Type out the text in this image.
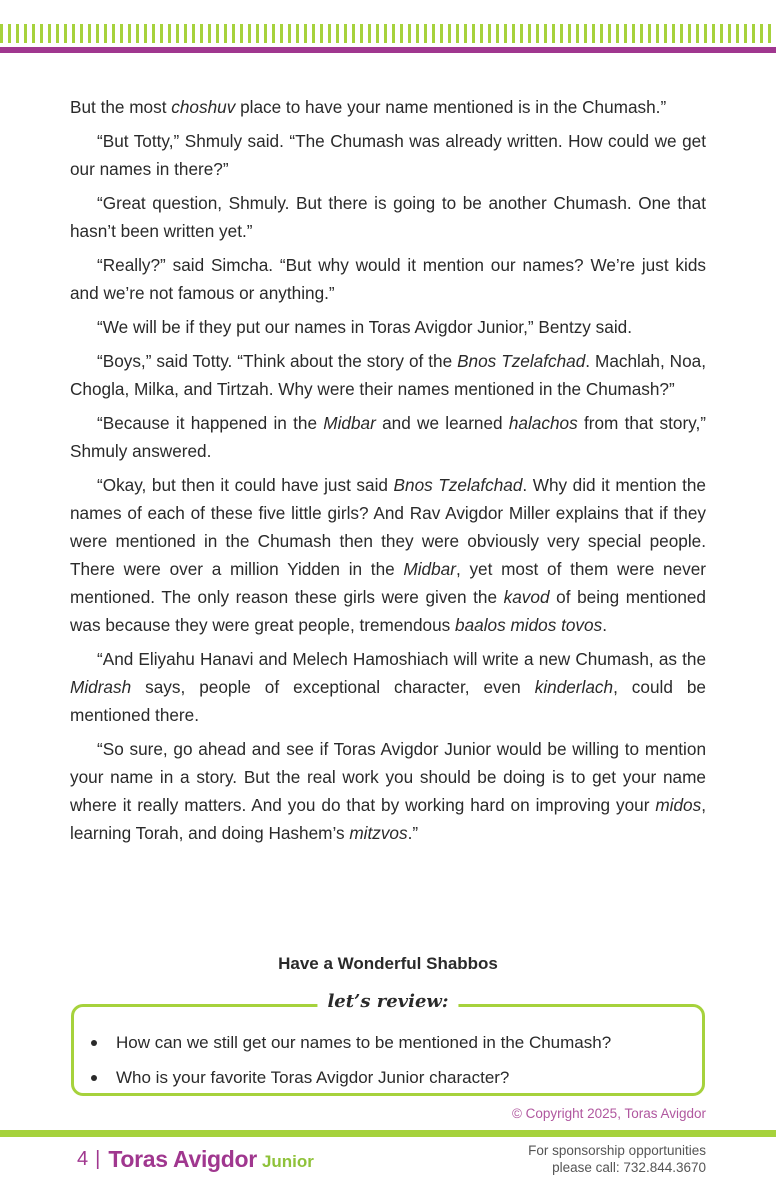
But the most choshuv place to have your name mentioned is in the Chumash.”

“But Totty,” Shmuly said. “The Chumash was already written. How could we get our names in there?”

“Great question, Shmuly. But there is going to be another Chumash. One that hasn’t been written yet.”

“Really?” said Simcha. “But why would it mention our names? We’re just kids and we’re not famous or anything.”

“We will be if they put our names in Toras Avigdor Junior,” Bentzy said.

“Boys,” said Totty. “Think about the story of the Bnos Tzelafchad. Machlah, Noa, Chogla, Milka, and Tirtzah. Why were their names mentioned in the Chumash?”

“Because it happened in the Midbar and we learned halachos from that story,” Shmuly answered.

“Okay, but then it could have just said Bnos Tzelafchad. Why did it mention the names of each of these five little girls? And Rav Avigdor Miller explains that if they were mentioned in the Chumash then they were obviously very special people. There were over a million Yidden in the Midbar, yet most of them were never mentioned. The only reason these girls were given the kavod of being mentioned was because they were great people, tremendous baalos midos tovos.

“And Eliyahu Hanavi and Melech Hamoshiach will write a new Chumash, as the Midrash says, people of exceptional character, even kinderlach, could be mentioned there.

“So sure, go ahead and see if Toras Avigdor Junior would be willing to mention your name in a story. But the real work you should be doing is to get your name where it really matters. And you do that by working hard on improving your midos, learning Torah, and doing Hashem’s mitzvos.”

Have a Wonderful Shabbos
let’s review:
How can we still get our names to be mentioned in the Chumash?
Who is your favorite Toras Avigdor Junior character?
© Copyright 2025, Toras Avigdor
4 | Toras Avigdor Junior
For sponsorship opportunities
please call: 732.844.3670
